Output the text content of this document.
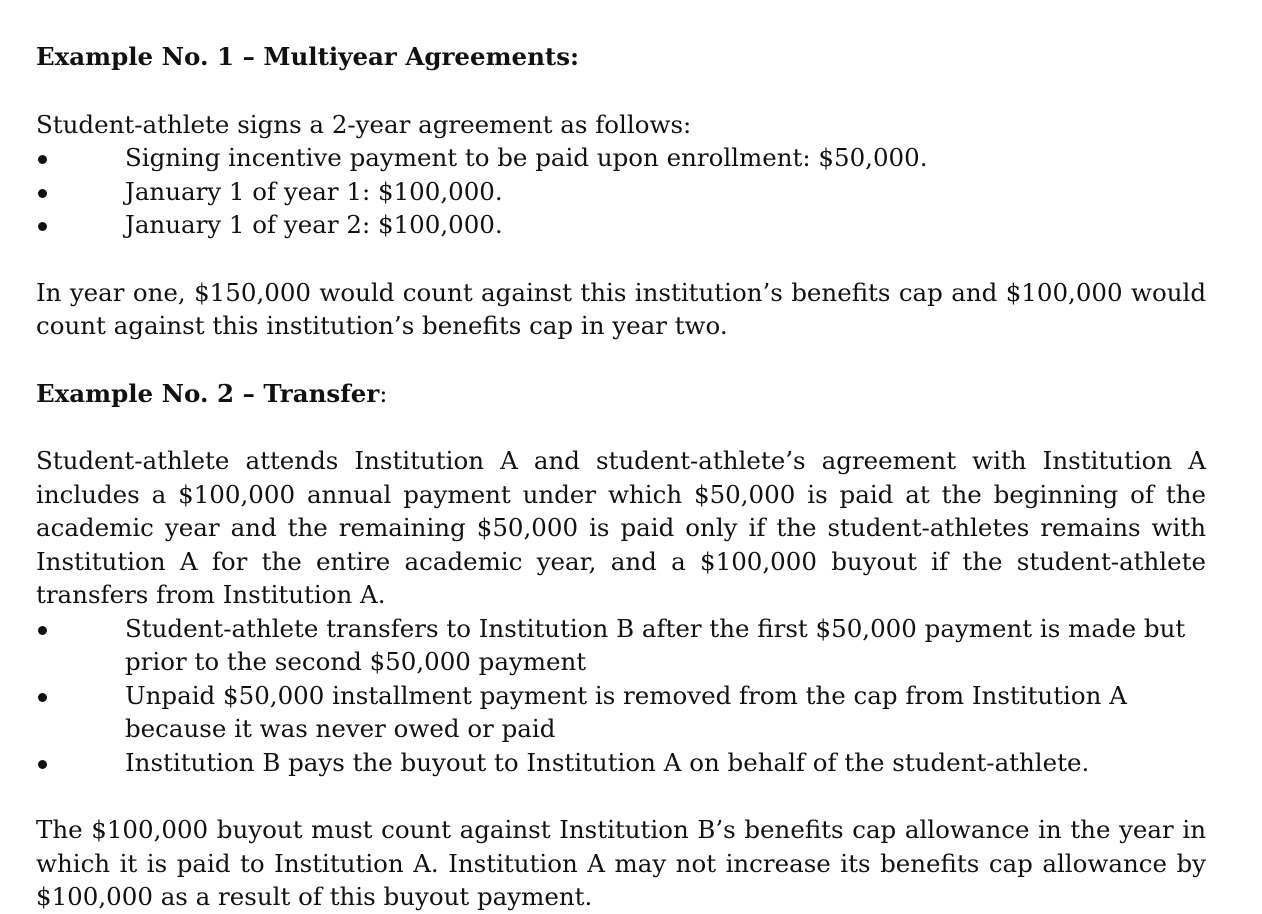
Example No. 1 – Multiyear Agreements:

Student-athlete signs a 2-year agreement as follows:

Signing incentive payment to be paid upon enrollment: $50,000.
January 1 of year 1: $100,000.
January 1 of year 2: $100,000.

In year one, $150,000 would count against this institution’s benefits cap and $100,000 would count against this institution’s benefits cap in year two.

Example No. 2 – Transfer:

Student-athlete attends Institution A and student-athlete’s agreement with Institution A includes a $100,000 annual payment under which $50,000 is paid at the beginning of the academic year and the remaining $50,000 is paid only if the student-athletes remains with Institution A for the entire academic year, and a $100,000 buyout if the student-athlete transfers from Institution A.

Student-athlete transfers to Institution B after the first $50,000 payment is made but prior to the second $50,000 payment
Unpaid $50,000 installment payment is removed from the cap from Institution A because it was never owed or paid
Institution B pays the buyout to Institution A on behalf of the student-athlete.

The $100,000 buyout must count against Institution B’s benefits cap allowance in the year in which it is paid to Institution A. Institution A may not increase its benefits cap allowance by $100,000 as a result of this buyout payment.
